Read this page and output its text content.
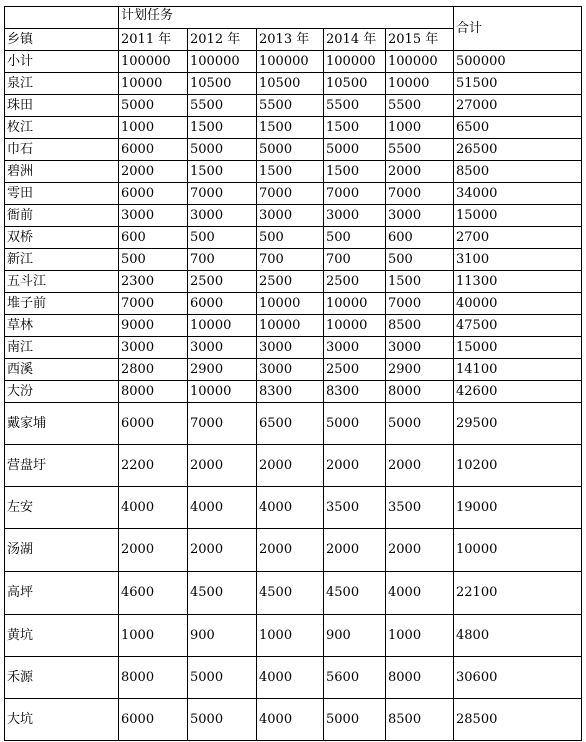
	计划任务					合计
乡镇	2011 年	2012 年	2013 年	2014 年	2015 年	
小计	100000	100000	100000	100000	100000	500000
泉江	10000	10500	10500	10500	10000	51500
珠田	5000	5500	5500	5500	5500	27000
枚江	1000	1500	1500	1500	1000	6500
巾石	6000	5000	5000	5000	5500	26500
碧洲	2000	1500	1500	1500	2000	8500
雩田	6000	7000	7000	7000	7000	34000
衙前	3000	3000	3000	3000	3000	15000
双桥	600	500	500	500	600	2700
新江	500	700	700	700	500	3100
五斗江	2300	2500	2500	2500	1500	11300
堆子前	7000	6000	10000	10000	7000	40000
草林	9000	10000	10000	10000	8500	47500
南江	3000	3000	3000	3000	3000	15000
西溪	2800	2900	3000	2500	2900	14100
大汾	8000	10000	8300	8300	8000	42600
戴家埔	6000	7000	6500	5000	5000	29500
营盘圩	2200	2000	2000	2000	2000	10200
左安	4000	4000	4000	3500	3500	19000
汤湖	2000	2000	2000	2000	2000	10000
高坪	4600	4500	4500	4500	4000	22100
黄坑	1000	900	1000	900	1000	4800
禾源	8000	5000	4000	5600	8000	30600
大坑	6000	5000	4000	5000	8500	28500
